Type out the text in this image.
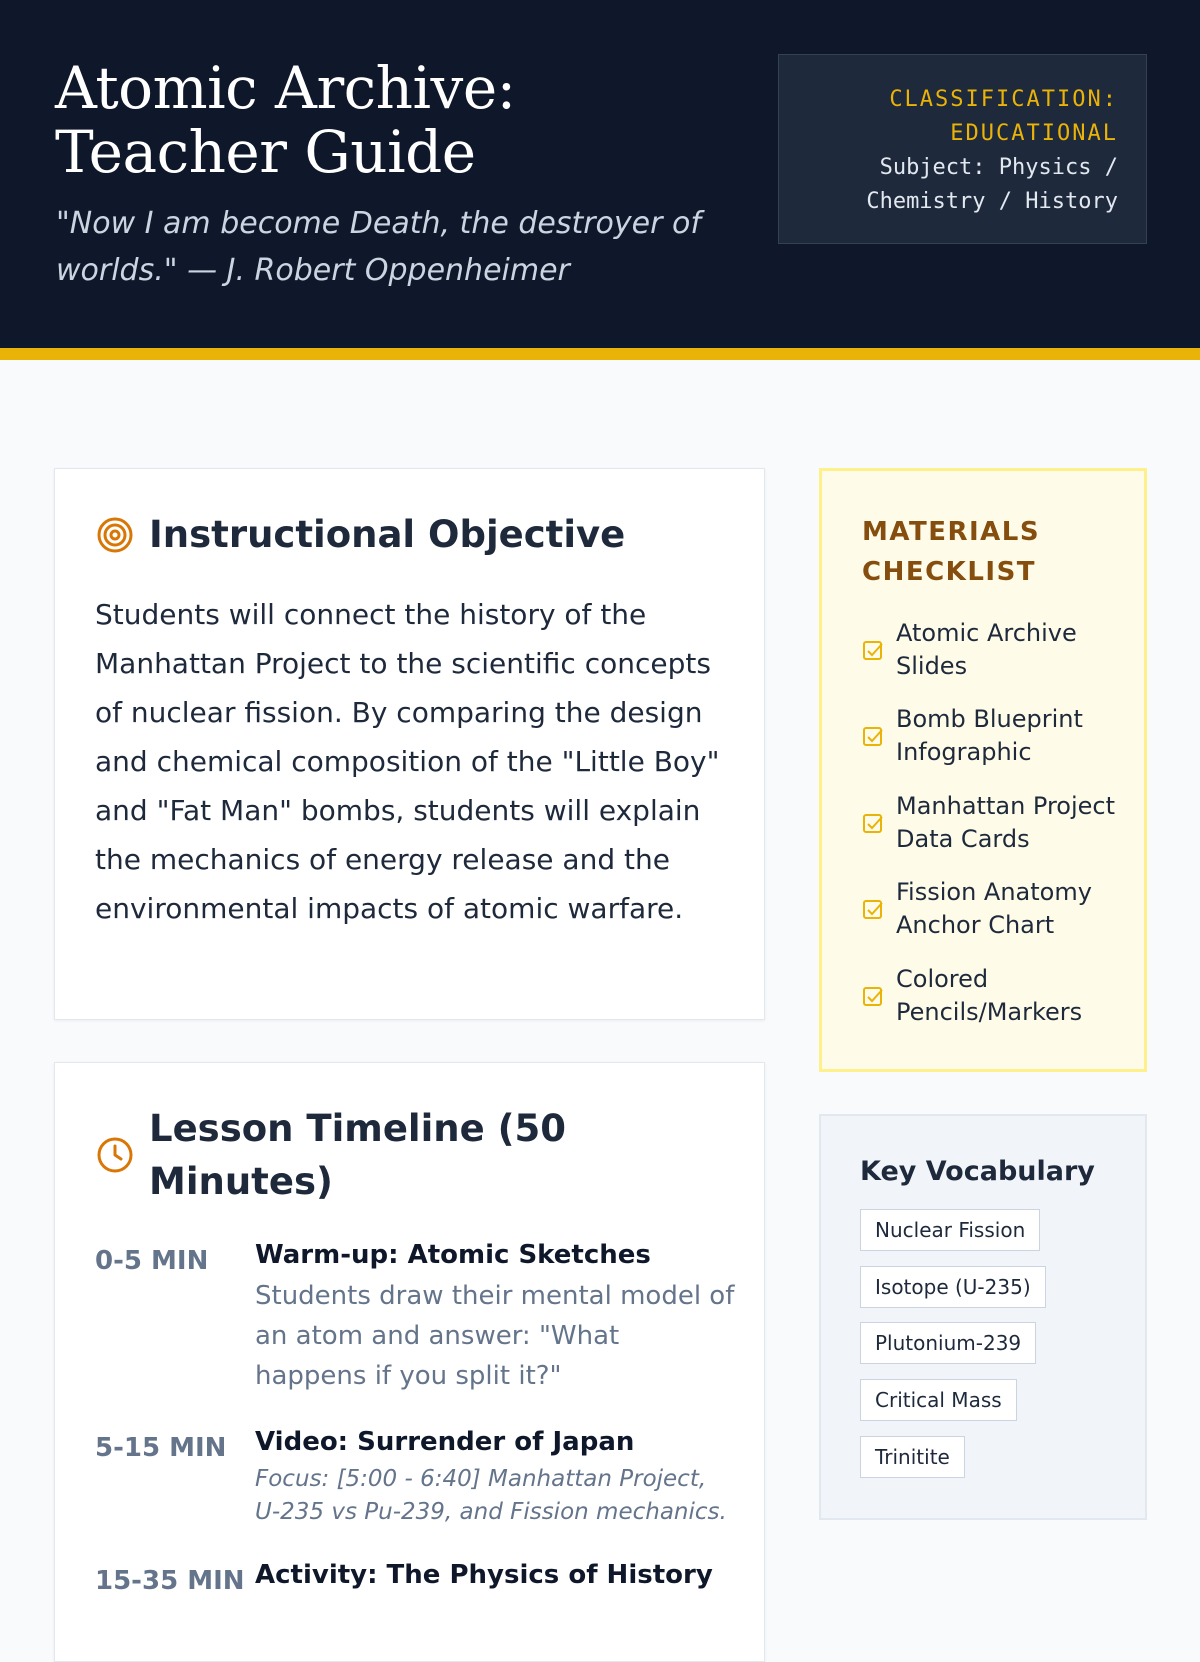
Atomic Archive: Teacher Guide

"Now I am become Death, the destroyer of worlds." — J. Robert Oppenheimer

CLASSIFICATION: EDUCATIONAL
Subject: Physics / Chemistry / History
Instructional Objective

Students will connect the history of the Manhattan Project to the scientific concepts of nuclear fission. By comparing the design and chemical composition of the "Little Boy" and "Fat Man" bombs, students will explain the mechanics of energy release and the environmental impacts of atomic warfare.

Lesson Timeline (50 Minutes)
0-5 MIN Warm-up: Atomic Sketches
Students draw their mental model of an atom and answer: "What happens if you split it?"
5-15 MIN Video: Surrender of Japan
Focus: [5:00 - 6:40] Manhattan Project, U-235 vs Pu-239, and Fission mechanics.
15-35 MIN Activity: The Physics of History
MATERIALS CHECKLIST
Atomic Archive Slides
Bomb Blueprint Infographic
Manhattan Project Data Cards
Fission Anatomy Anchor Chart
Colored Pencils/Markers
Key Vocabulary
Nuclear Fission
Isotope (U-235)
Plutonium-239
Critical Mass
Trinitite
